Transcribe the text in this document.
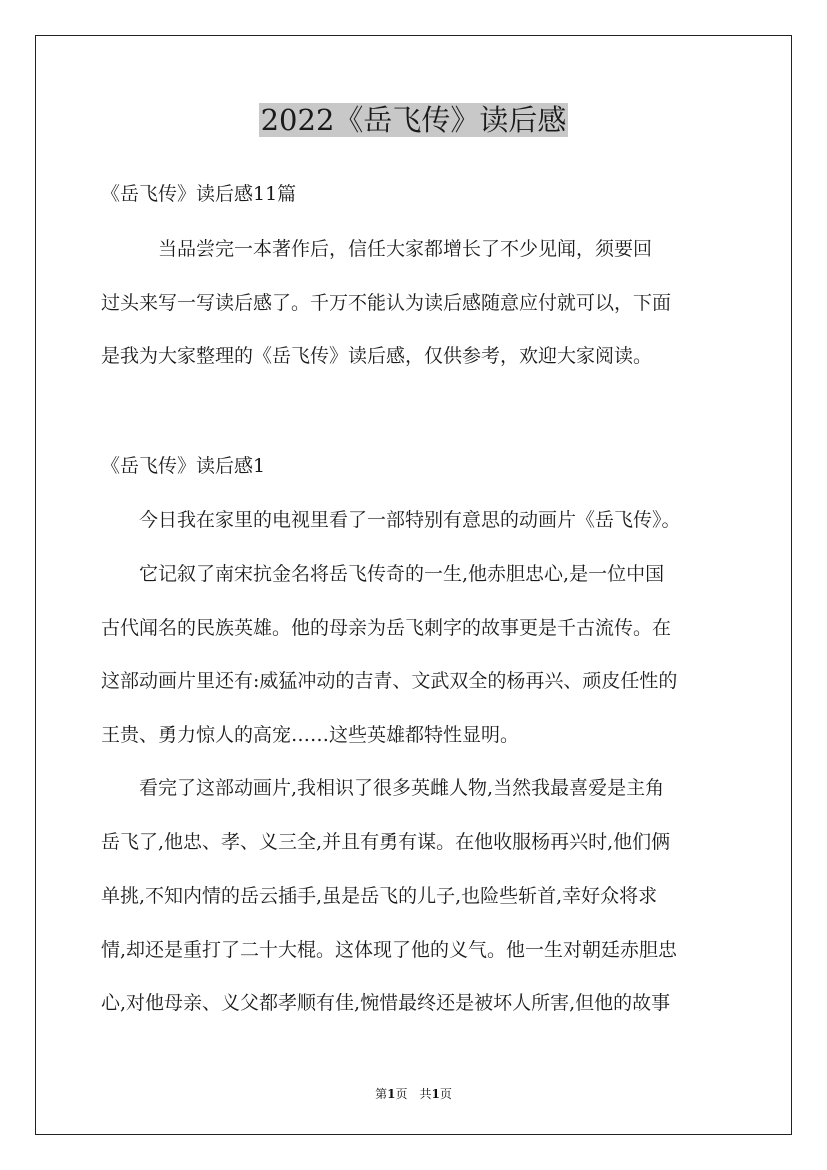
2022《岳飞传》读后感
《岳飞传》读后感11篇
　　　当品尝完一本著作后，信任大家都增长了不少见闻，须要回
过头来写一写读后感了。千万不能认为读后感随意应付就可以，下面
是我为大家整理的《岳飞传》读后感，仅供参考，欢迎大家阅读。
《岳飞传》读后感1
　　今日我在家里的电视里看了一部特别有意思的动画片《岳飞传》。
　　它记叙了南宋抗金名将岳飞传奇的一生,他赤胆忠心,是一位中国
古代闻名的民族英雄。他的母亲为岳飞刺字的故事更是千古流传。在
这部动画片里还有:威猛冲动的吉青、文武双全的杨再兴、顽皮任性的
王贵、勇力惊人的高宠……这些英雄都特性显明。
　　看完了这部动画片,我相识了很多英雌人物,当然我最喜爱是主角
岳飞了,他忠、孝、义三全,并且有勇有谋。在他收服杨再兴时,他们俩
单挑,不知内情的岳云插手,虽是岳飞的儿子,也险些斩首,幸好众将求
情,却还是重打了二十大棍。这体现了他的义气。他一生对朝廷赤胆忠
心,对他母亲、义父都孝顺有佳,惋惜最终还是被坏人所害,但他的故事
第1页　共1页
